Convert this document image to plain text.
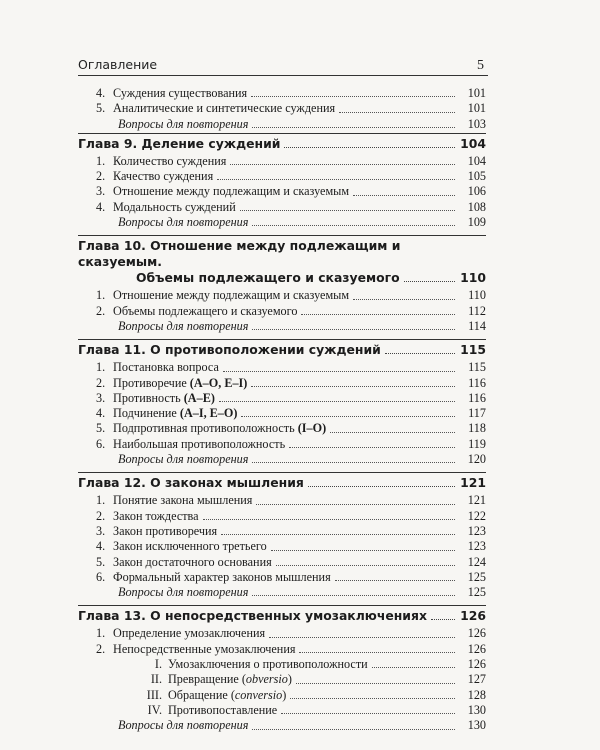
Оглавление	5
4. Суждения существования	101
5. Аналитические и синтетические суждения	101
Вопросы для повторения	103
Глава 9. Деление суждений	104
1. Количество суждения	104
2. Качество суждения	105
3. Отношение между подлежащим и сказуемым	106
4. Модальность суждений	108
Вопросы для повторения	109
Глава 10. Отношение между подлежащим и сказуемым.
Объемы подлежащего и сказуемого	110
1. Отношение между подлежащим и сказуемым	110
2. Объемы подлежащего и сказуемого	112
Вопросы для повторения	114
Глава 11. О противоположении суждений	115
1. Постановка вопроса	115
2. Противоречие (A–O, E–I)	116
3. Противность (A–E)	116
4. Подчинение (A–I, E–O)	117
5. Подпротивная противоположность (I–O)	118
6. Наибольшая противоположность	119
Вопросы для повторения	120
Глава 12. О законах мышления	121
1. Понятие закона мышления	121
2. Закон тождества	122
3. Закон противоречия	123
4. Закон исключенного третьего	123
5. Закон достаточного основания	124
6. Формальный характер законов мышления	125
Вопросы для повторения	125
Глава 13. О непосредственных умозаключениях	126
1. Определение умозаключения	126
2. Непосредственные умозаключения	126
I. Умозаключения о противоположности	126
II. Превращение (obversio)	127
III. Обращение (conversio)	128
IV. Противопоставление	130
Вопросы для повторения	130
